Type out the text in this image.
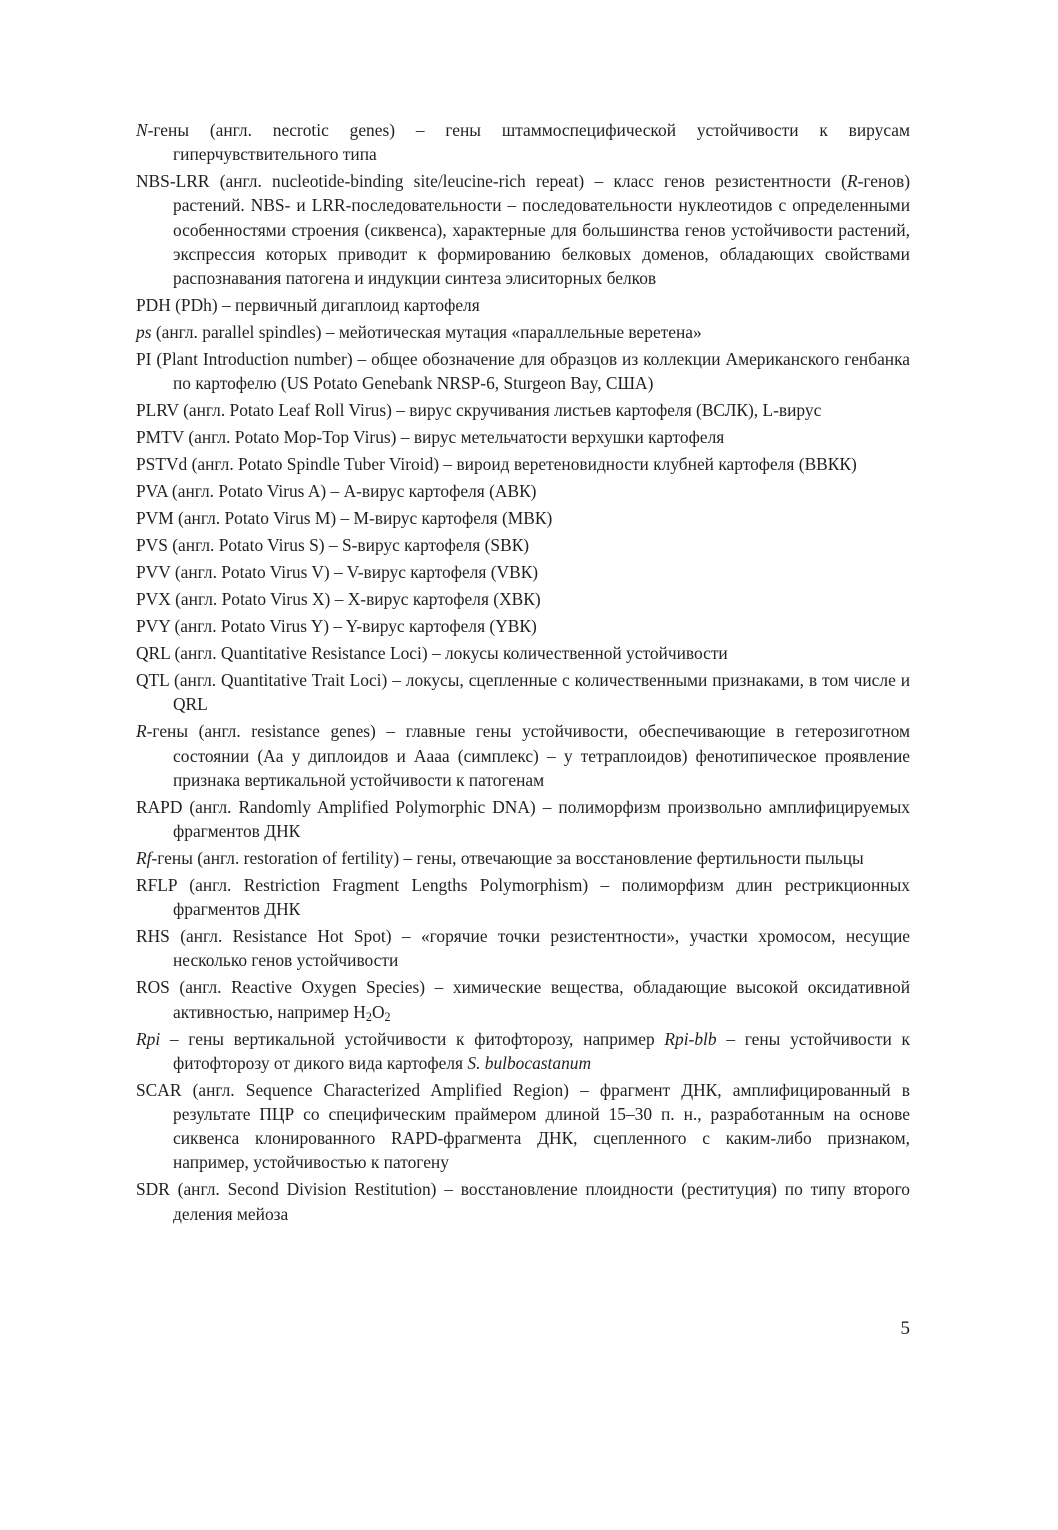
N-гены (англ. necrotic genes) – гены штаммоспецифической устойчивости к вирусам гиперчувствительного типа

NBS-LRR (англ. nucleotide-binding site/leucine-rich repeat) – класс генов резистентности (R-генов) растений. NBS- и LRR-последовательности – последовательности нуклеотидов с определенными особенностями строения (сиквенса), характерные для большинства генов устойчивости растений, экспрессия которых приводит к формированию белковых доменов, обладающих свойствами распознавания патогена и индукции синтеза элиситорных белков

PDH (PDh) – первичный дигаплоид картофеля

ps (англ. parallel spindles) – мейотическая мутация «параллельные веретена»

PI (Plant Introduction number) – общее обозначение для образцов из коллекции Американского генбанка по картофелю (US Potato Genebank NRSP-6, Sturgeon Bay, США)

PLRV (англ. Potato Leaf Roll Virus) – вирус скручивания листьев картофеля (ВСЛК), L-вирус

PMTV (англ. Potato Mop-Top Virus) – вирус метельчатости верхушки картофеля

PSTVd (англ. Potato Spindle Tuber Viroid) – вироид веретеновидности клубней картофеля (ВВКК)

PVA (англ. Potato Virus A) – А-вирус картофеля (АВК)

PVM (англ. Potato Virus M) – М-вирус картофеля (МВК)

PVS (англ. Potato Virus S) – S-вирус картофеля (SВК)

PVV (англ. Potato Virus V) – V-вирус картофеля (VВК)

PVX (англ. Potato Virus X) – Х-вирус картофеля (ХВК)

PVY (англ. Potato Virus Y) – Y-вирус картофеля (YВК)

QRL (англ. Quantitative Resistance Loci) – локусы количественной устойчивости

QTL (англ. Quantitative Trait Loci) – локусы, сцепленные с количественными признаками, в том числе и QRL

R-гены (англ. resistance genes) – главные гены устойчивости, обеспечивающие в гетерозиготном состоянии (Aa у диплоидов и Aaaa (симплекс) – у тетраплоидов) фенотипическое проявление признака вертикальной устойчивости к патогенам

RAPD (англ. Randomly Amplified Polymorphic DNA) – полиморфизм произвольно амплифицируемых фрагментов ДНК

Rf-гены (англ. restoration of fertility) – гены, отвечающие за восстановление фертильности пыльцы

RFLP (англ. Restriction Fragment Lengths Polymorphism) – полиморфизм длин рестрикционных фрагментов ДНК

RHS (англ. Resistance Hot Spot) – «горячие точки резистентности», участки хромосом, несущие несколько генов устойчивости

ROS (англ. Reactive Oxygen Species) – химические вещества, обладающие высокой оксидативной активностью, например $H_2O_2$

Rpi – гены вертикальной устойчивости к фитофторозу, например Rpi-blb – гены устойчивости к фитофторозу от дикого вида картофеля S. bulbocastanum

SCAR (англ. Sequence Characterized Amplified Region) – фрагмент ДНК, амплифицированный в результате ПЦР со специфическим праймером длиной 15–30 п. н., разработанным на основе сиквенса клонированного RAPD-фрагмента ДНК, сцепленного с каким-либо признаком, например, устойчивостью к патогену

SDR (англ. Second Division Restitution) – восстановление плоидности (реституция) по типу второго деления мейоза

5
